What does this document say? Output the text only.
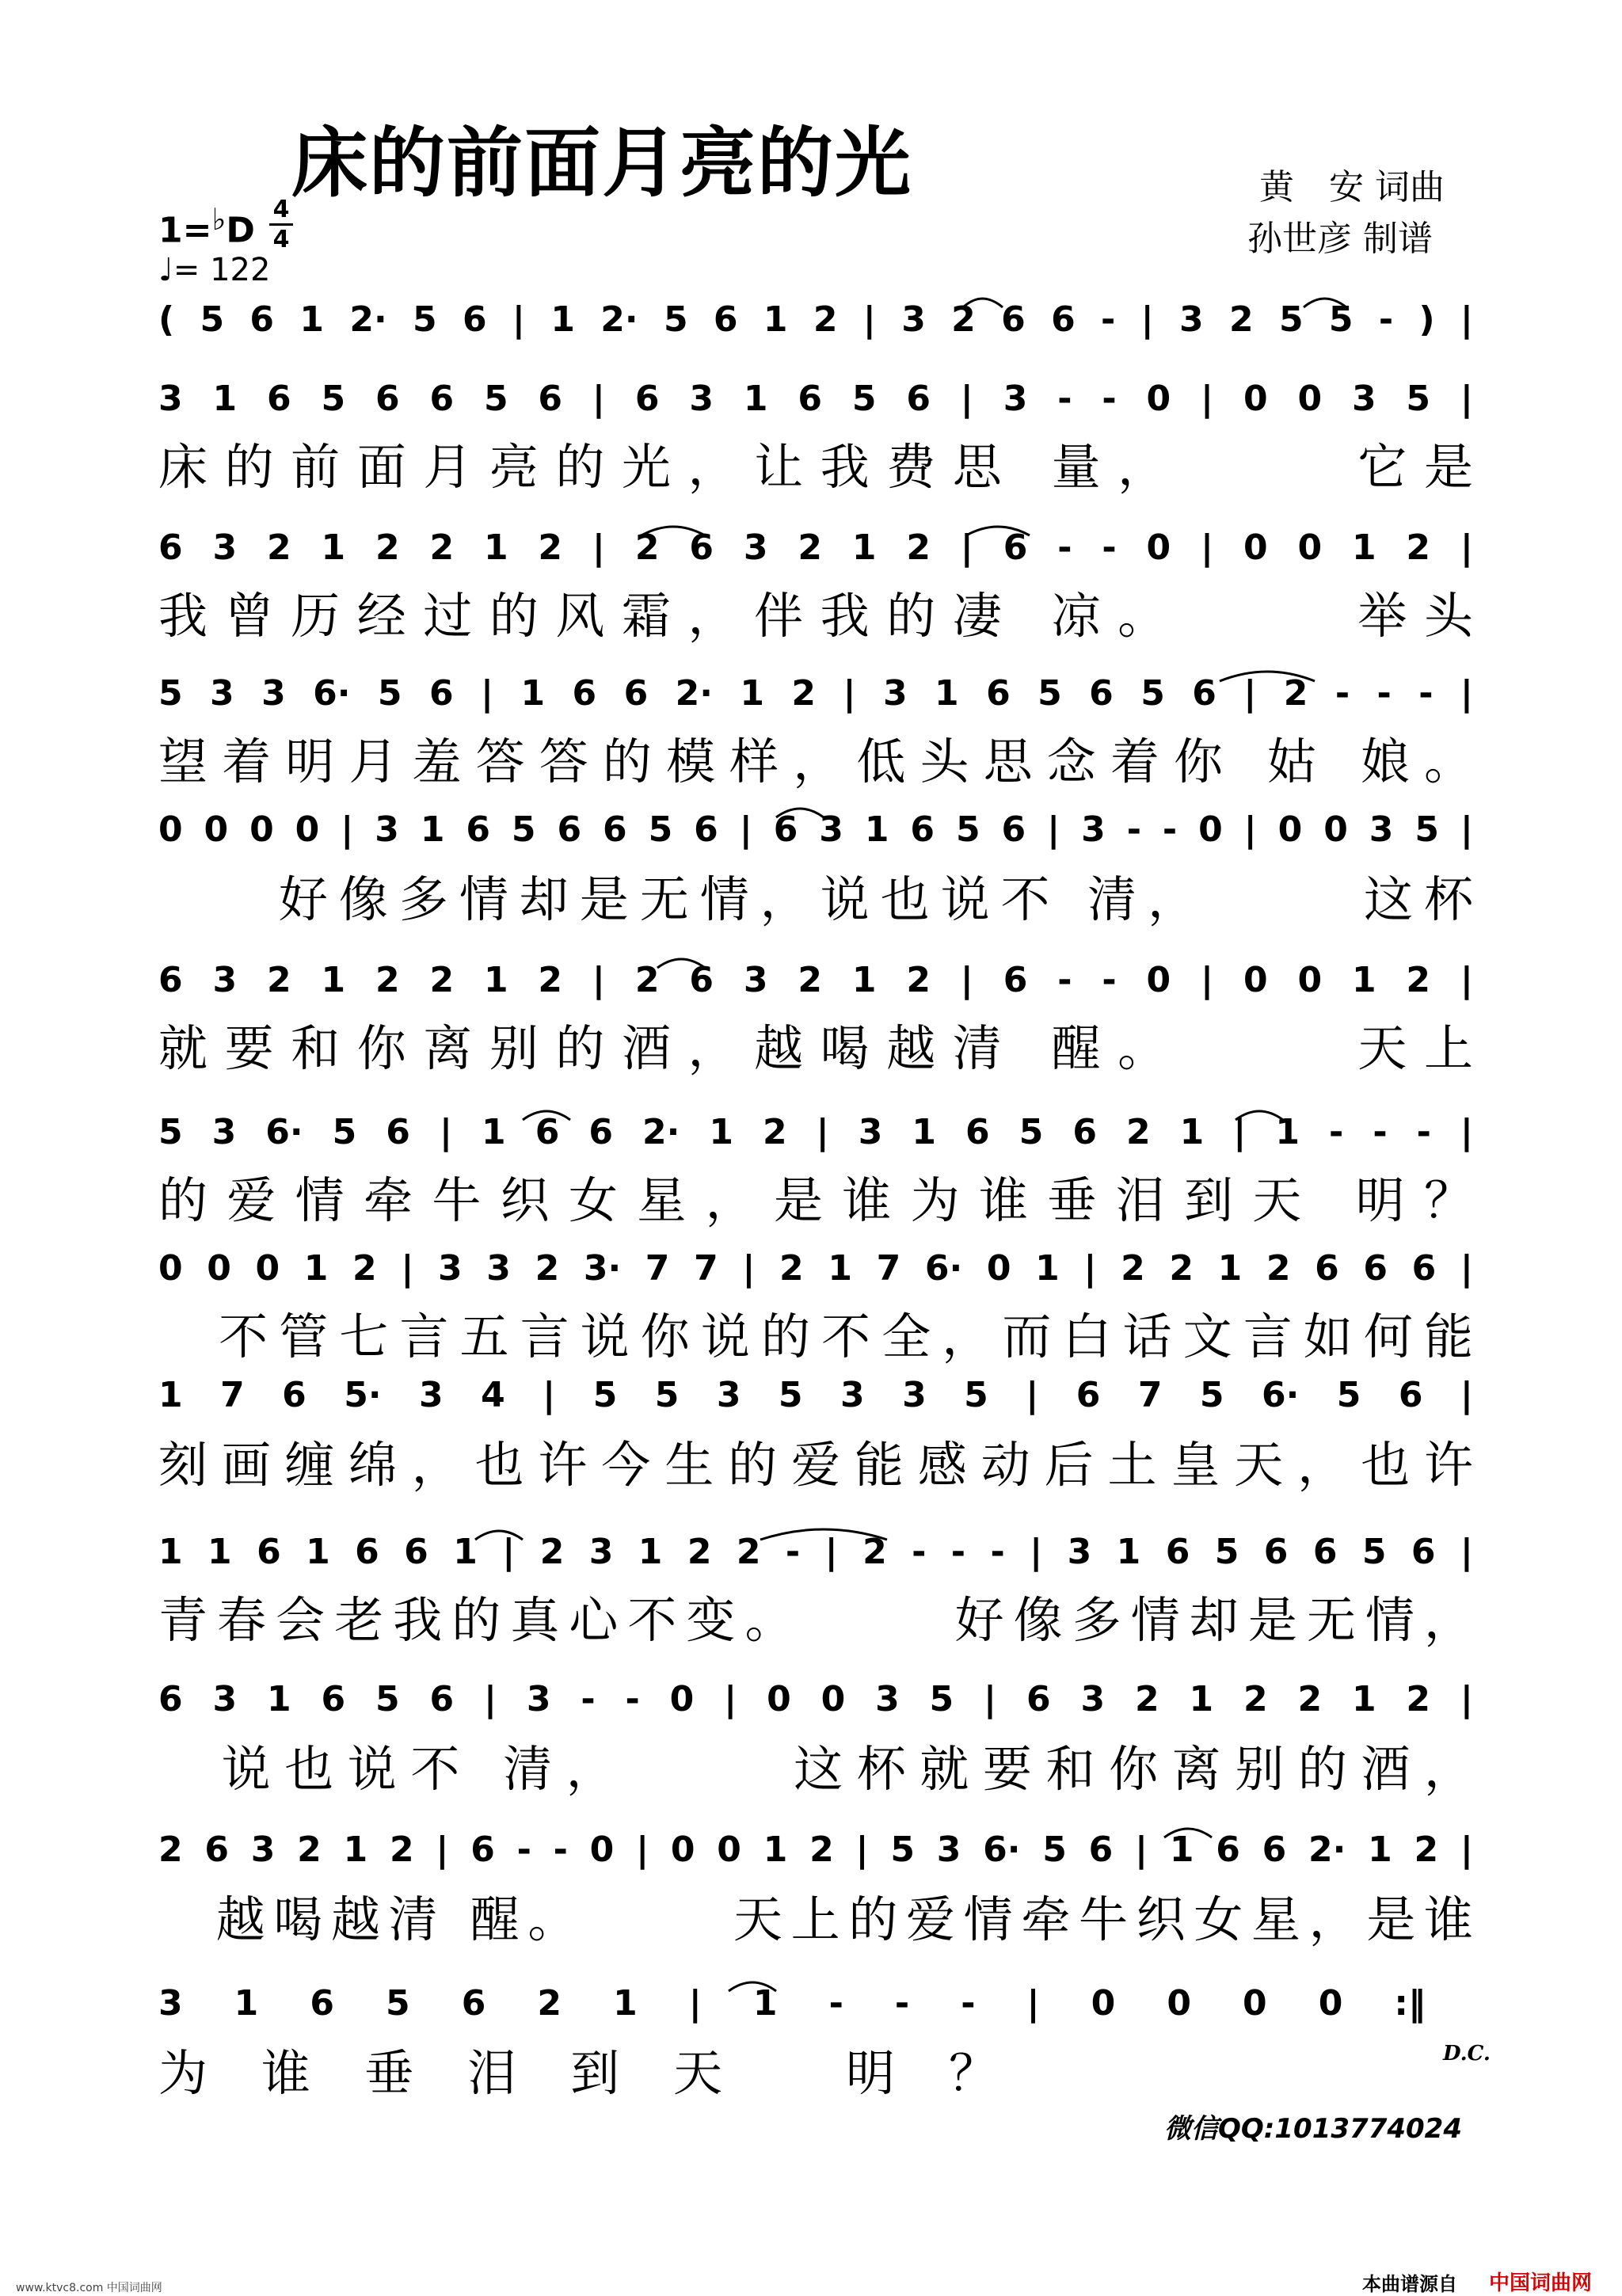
床的前面月亮的光	黄　安 词曲
孙世彦 制谱
1=♭D
4
4
♩= 122
( 5 6 1 2· 5 6 | 1 2· 5 6 1 2 | 3 2 6 6 - | 3 2 5 5 - ) |
3 1 6 5 6 6 5 6 | 6 3 1 6 5 6 | 3 - - 0 | 0 0 3 5 |
床的前面月亮的光，让我费思 量，　　　它是
6 3 2 1 2 2 1 2 | 2 6 3 2 1 2 | 6 - - 0 | 0 0 1 2 |
我曾历经过的风霜，伴我的凄 凉。　　　举头
5 3 3 6· 5 6 | 1 6 6 2· 1 2 | 3 1 6 5 6 5 6 | 2 - - - |
望着明月羞答答的模样，低头思念着你 姑 娘。
0 0 0 0 | 3 1 6 5 6 6 5 6 | 6 3 1 6 5 6 | 3 - - 0 | 0 0 3 5 |
　　好像多情却是无情，说也说不 清，　　　这杯
6 3 2 1 2 2 1 2 | 2 6 3 2 1 2 | 6 - - 0 | 0 0 1 2 |
就要和你离别的酒，越喝越清 醒。　　　天上
5 3 6· 5 6 | 1 6 6 2· 1 2 | 3 1 6 5 6 2 1 | 1 - - - |
的爱情牵牛织女星，是谁为谁垂泪到天 明？
0 0 0 1 2 | 3 3 2 3· 7 7 | 2 1 7 6· 0 1 | 2 2 1 2 6 6 6 |
　不管七言五言说你说的不全，而白话文言如何能
1 7 6 5· 3 4 | 5 5 3 5 3 3 5 | 6 7 5 6· 5 6 |
刻画缠绵，也许今生的爱能感动后土皇天，也许
1 1 6 1 6 6 1 | 2 3 1 2 2 - | 2 - - - | 3 1 6 5 6 6 5 6 |
青春会老我的真心不变。　　　好像多情却是无情，
6 3 1 6 5 6 | 3 - - 0 | 0 0 3 5 | 6 3 2 1 2 2 1 2 |
　说也说不 清，　　　这杯就要和你离别的酒，
2 6 3 2 1 2 | 6 - - 0 | 0 0 1 2 | 5 3 6· 5 6 | 1 6 6 2· 1 2 |
　越喝越清 醒。　　　天上的爱情牵牛织女星，是谁
3 1 6 5 6 2 1 | 1 - - - | 0 0 0 0 :‖
为谁垂泪到天 明？	D.C.
微信QQ:1013774024
www.ktvc8.com 中国词曲网	本曲谱源自 中国词曲网
